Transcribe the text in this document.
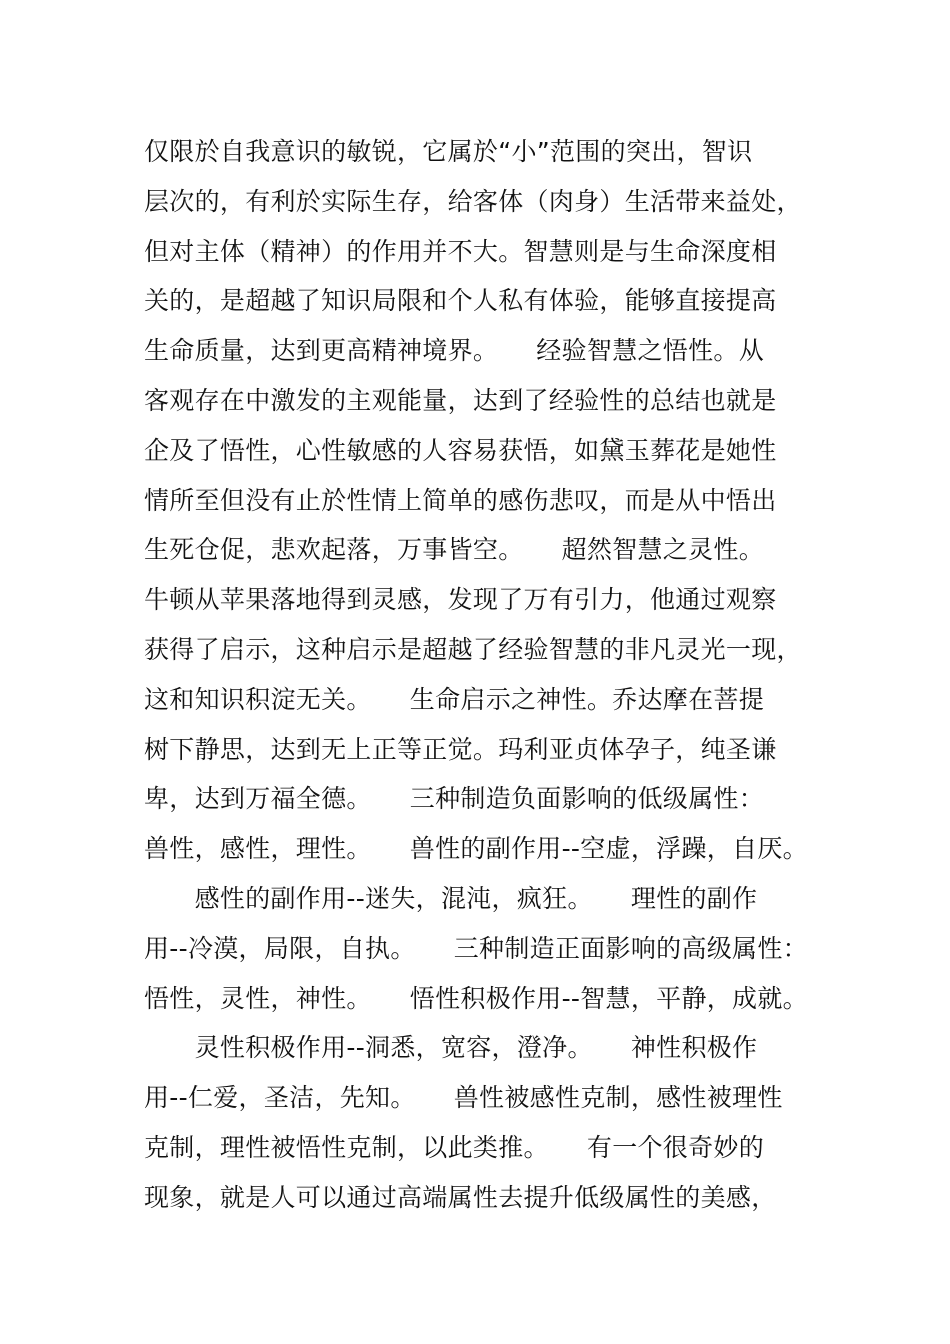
仅限於自我意识的敏锐，它属於“小”范围的突出，智识
层次的，有利於实际生存，给客体（肉身）生活带来益处，
但对主体（精神）的作用并不大。智慧则是与生命深度相
关的，是超越了知识局限和个人私有体验，能够直接提高
生命质量，达到更高精神境界。　　经验智慧之悟性。从
客观存在中激发的主观能量，达到了经验性的总结也就是
企及了悟性，心性敏感的人容易获悟，如黛玉葬花是她性
情所至但没有止於性情上简单的感伤悲叹，而是从中悟出
生死仓促，悲欢起落，万事皆空。　　超然智慧之灵性。
牛顿从苹果落地得到灵感，发现了万有引力，他通过观察
获得了启示，这种启示是超越了经验智慧的非凡灵光一现，
这和知识积淀无关。　　生命启示之神性。乔达摩在菩提
树下静思，达到无上正等正觉。玛利亚贞体孕子，纯圣谦
卑，达到万福全德。　　三种制造负面影响的低级属性：
兽性，感性，理性。　　兽性的副作用--空虚，浮躁，自厌。
　　感性的副作用--迷失，混沌，疯狂。　　理性的副作
用--冷漠，局限，自执。　　三种制造正面影响的高级属性：
悟性，灵性，神性。　　悟性积极作用--智慧，平静，成就。
　　灵性积极作用--洞悉，宽容，澄净。　　神性积极作
用--仁爱，圣洁，先知。　　兽性被感性克制，感性被理性
克制，理性被悟性克制，以此类推。　　有一个很奇妙的
现象，就是人可以通过高端属性去提升低级属性的美感，
